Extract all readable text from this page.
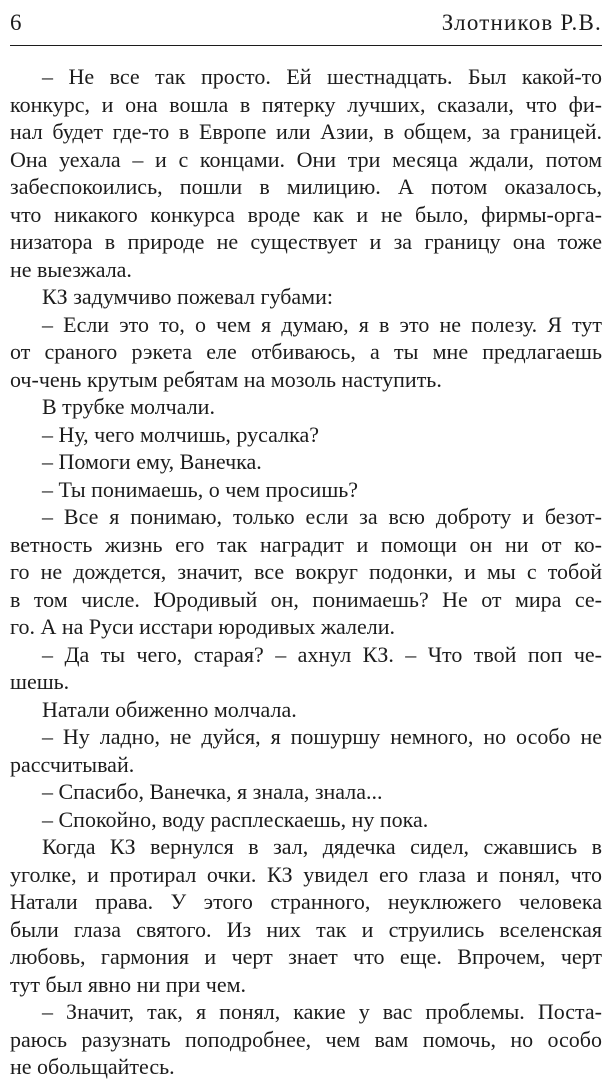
6	Злотников Р.В.
– Не все так просто. Ей шестнадцать. Был какой-то
конкурс, и она вошла в пятерку лучших, сказали, что фи-
нал будет где-то в Европе или Азии, в общем, за границей.
Она уехала – и с концами. Они три месяца ждали, потом
забеспокоились, пошли в милицию. А потом оказалось,
что никакого конкурса вроде как и не было, фирмы-орга-
низатора в природе не существует и за границу она тоже
не выезжала.
КЗ задумчиво пожевал губами:
– Если это то, о чем я думаю, я в это не полезу. Я тут
от сраного рэкета еле отбиваюсь, а ты мне предлагаешь
оч-чень крутым ребятам на мозоль наступить.
В трубке молчали.
– Ну, чего молчишь, русалка?
– Помоги ему, Ванечка.
– Ты понимаешь, о чем просишь?
– Все я понимаю, только если за всю доброту и безот-
ветность жизнь его так наградит и помощи он ни от ко-
го не дождется, значит, все вокруг подонки, и мы с тобой
в том числе. Юродивый он, понимаешь? Не от мира се-
го. А на Руси исстари юродивых жалели.
– Да ты чего, старая? – ахнул КЗ. – Что твой поп че-
шешь.
Натали обиженно молчала.
– Ну ладно, не дуйся, я пошуршу немного, но особо не
рассчитывай.
– Спасибо, Ванечка, я знала, знала...
– Спокойно, воду расплескаешь, ну пока.
Когда КЗ вернулся в зал, дядечка сидел, сжавшись в
уголке, и протирал очки. КЗ увидел его глаза и понял, что
Натали права. У этого странного, неуклюжего человека
были глаза святого. Из них так и струились вселенская
любовь, гармония и черт знает что еще. Впрочем, черт
тут был явно ни при чем.
– Значит, так, я понял, какие у вас проблемы. Поста-
раюсь разузнать поподробнее, чем вам помочь, но особо
не обольщайтесь.
